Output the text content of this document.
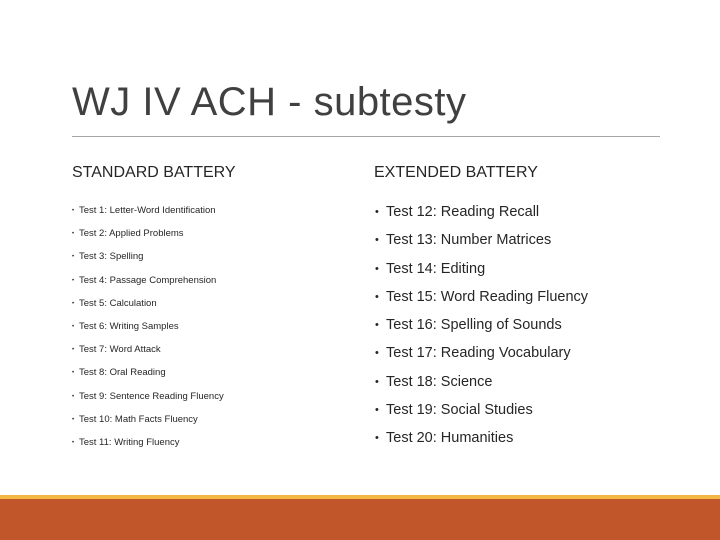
WJ IV ACH - subtesty
STANDARD BATTERY	EXTENDED BATTERY
• Test 1: Letter-Word Identification
• Test 2: Applied Problems
• Test 3: Spelling
• Test 4: Passage Comprehension
• Test 5: Calculation
• Test 6: Writing Samples
• Test 7: Word Attack
• Test 8: Oral Reading
• Test 9: Sentence Reading Fluency
• Test 10: Math Facts Fluency
• Test 11: Writing Fluency
• Test 12: Reading Recall
• Test 13: Number Matrices
• Test 14: Editing
• Test 15: Word Reading Fluency
• Test 16: Spelling of Sounds
• Test 17: Reading Vocabulary
• Test 18: Science
• Test 19: Social Studies
• Test 20: Humanities
